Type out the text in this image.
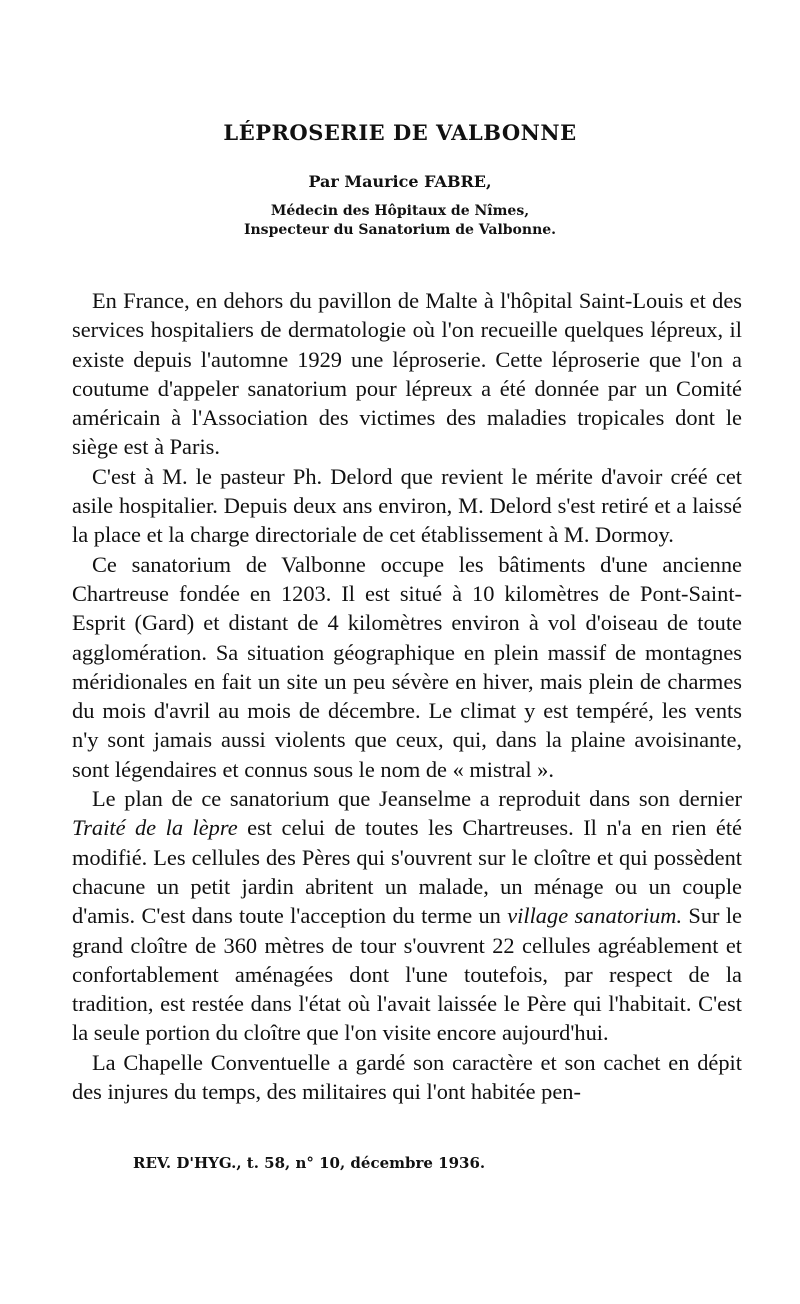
LÉPROSERIE DE VALBONNE
Par Maurice FABRE,
Médecin des Hôpitaux de Nîmes,
Inspecteur du Sanatorium de Valbonne.

En France, en dehors du pavillon de Malte à l'hôpital Saint-Louis et des services hospitaliers de dermatologie où l'on recueille quelques lépreux, il existe depuis l'automne 1929 une léproserie. Cette léproserie que l'on a coutume d'appeler sanatorium pour lépreux a été donnée par un Comité américain à l'Association des victimes des maladies tropicales dont le siège est à Paris.

C'est à M. le pasteur Ph. Delord que revient le mérite d'avoir créé cet asile hospitalier. Depuis deux ans environ, M. Delord s'est retiré et a laissé la place et la charge directoriale de cet établissement à M. Dormoy.

Ce sanatorium de Valbonne occupe les bâtiments d'une ancienne Chartreuse fondée en 1203. Il est situé à 10 kilomètres de Pont-Saint-Esprit (Gard) et distant de 4 kilomètres environ à vol d'oiseau de toute agglomération. Sa situation géographique en plein massif de montagnes méridionales en fait un site un peu sévère en hiver, mais plein de charmes du mois d'avril au mois de décembre. Le climat y est tempéré, les vents n'y sont jamais aussi violents que ceux, qui, dans la plaine avoisinante, sont légendaires et connus sous le nom de « mistral ».

Le plan de ce sanatorium que Jeanselme a reproduit dans son dernier Traité de la lèpre est celui de toutes les Chartreuses. Il n'a en rien été modifié. Les cellules des Pères qui s'ouvrent sur le cloître et qui possèdent chacune un petit jardin abritent un malade, un ménage ou un couple d'amis. C'est dans toute l'acception du terme un village sanatorium. Sur le grand cloître de 360 mètres de tour s'ouvrent 22 cellules agréablement et confortablement aménagées dont l'une toutefois, par respect de la tradition, est restée dans l'état où l'avait laissée le Père qui l'habitait. C'est la seule portion du cloître que l'on visite encore aujourd'hui.

La Chapelle Conventuelle a gardé son caractère et son cachet en dépit des injures du temps, des militaires qui l'ont habitée pen-

REV. D'HYG., t. 58, n° 10, décembre 1936.
